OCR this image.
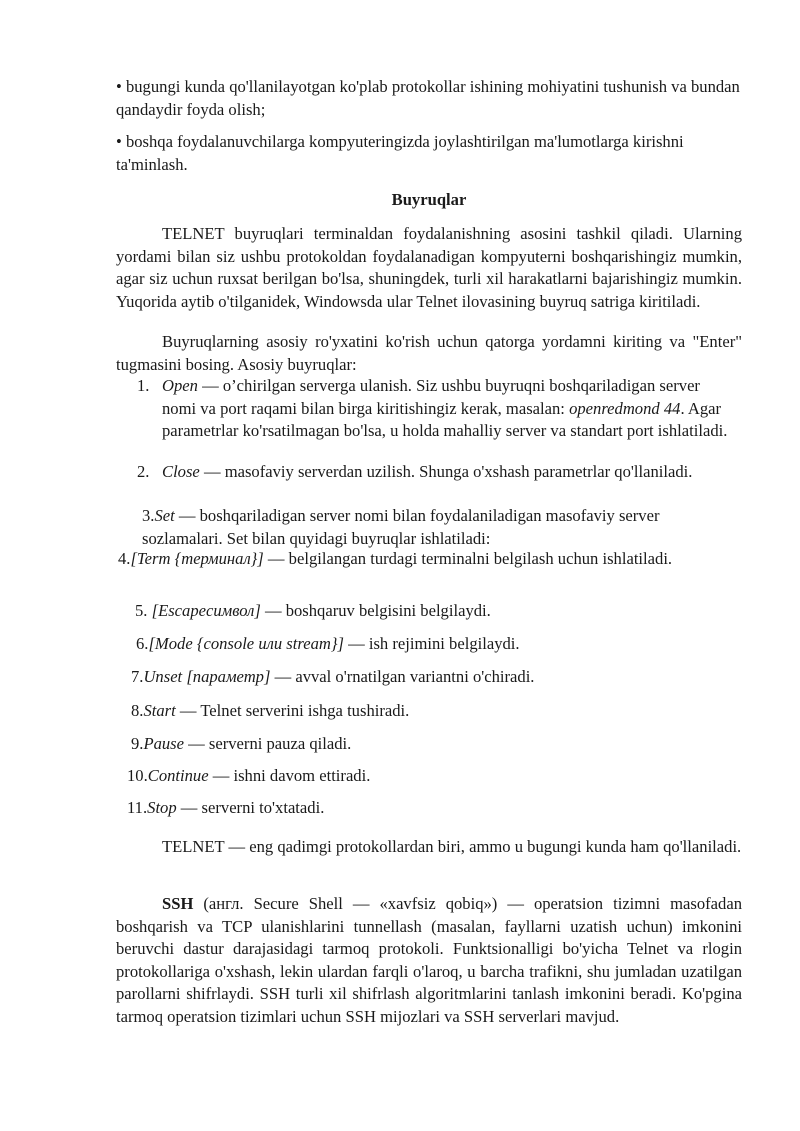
• bugungi kunda qo'llanilayotgan ko'plab protokollar ishining mohiyatini tushunish va bundan qandaydir foyda olish;

• boshqa foydalanuvchilarga kompyuteringizda joylashtirilgan ma'lumotlarga kirishni ta'minlash.

Buyruqlar

TELNET buyruqlari terminaldan foydalanishning asosini tashkil qiladi. Ularning yordami bilan siz ushbu protokoldan foydalanadigan kompyuterni boshqarishingiz mumkin, agar siz uchun ruxsat berilgan bo'lsa, shuningdek, turli xil harakatlarni bajarishingiz mumkin. Yuqorida aytib o'tilganidek, Windowsda ular Telnet ilovasining buyruq satriga kiritiladi.

Buyruqlarning asosiy ro'yxatini ko'rish uchun qatorga yordamni kiriting va "Enter" tugmasini bosing. Asosiy buyruqlar:

1. Open — o’chirilgan serverga ulanish. Siz ushbu buyruqni boshqariladigan server nomi va port raqami bilan birga kiritishingiz kerak, masalan: openredmond 44. Agar parametrlar ko'rsatilmagan bo'lsa, u holda mahalliy server va standart port ishlatiladi.
2. Close — masofaviy serverdan uzilish. Shunga o'xshash parametrlar qo'llaniladi.
3.Set — boshqariladigan server nomi bilan foydalaniladigan masofaviy server sozlamalari. Set bilan quyidagi buyruqlar ishlatiladi:
4.[Term {терминал}] — belgilangan turdagi terminalni belgilash uchun ishlatiladi.
5. [Escapeсимвол] — boshqaruv belgisini belgilaydi.
6.[Mode {console или stream}] — ish rejimini belgilaydi.
7.Unset [параметр] — avval o'rnatilgan variantni o'chiradi.
8.Start — Telnet serverini ishga tushiradi.
9.Pause — serverni pauza qiladi.
10.Continue — ishni davom ettiradi.
11.Stop — serverni to'xtatadi.

TELNET — eng qadimgi protokollardan biri, ammo u bugungi kunda ham qo'llaniladi.

SSH (англ. Secure Shell — «xavfsiz qobiq») — operatsion tizimni masofadan boshqarish va TCP ulanishlarini tunnellash (masalan, fayllarni uzatish uchun) imkonini beruvchi dastur darajasidagi tarmoq protokoli. Funktsionalligi bo'yicha Telnet va rlogin protokollariga o'xshash, lekin ulardan farqli o'laroq, u barcha trafikni, shu jumladan uzatilgan parollarni shifrlaydi. SSH turli xil shifrlash algoritmlarini tanlash imkonini beradi. Ko'pgina tarmoq operatsion tizimlari uchun SSH mijozlari va SSH serverlari mavjud.
